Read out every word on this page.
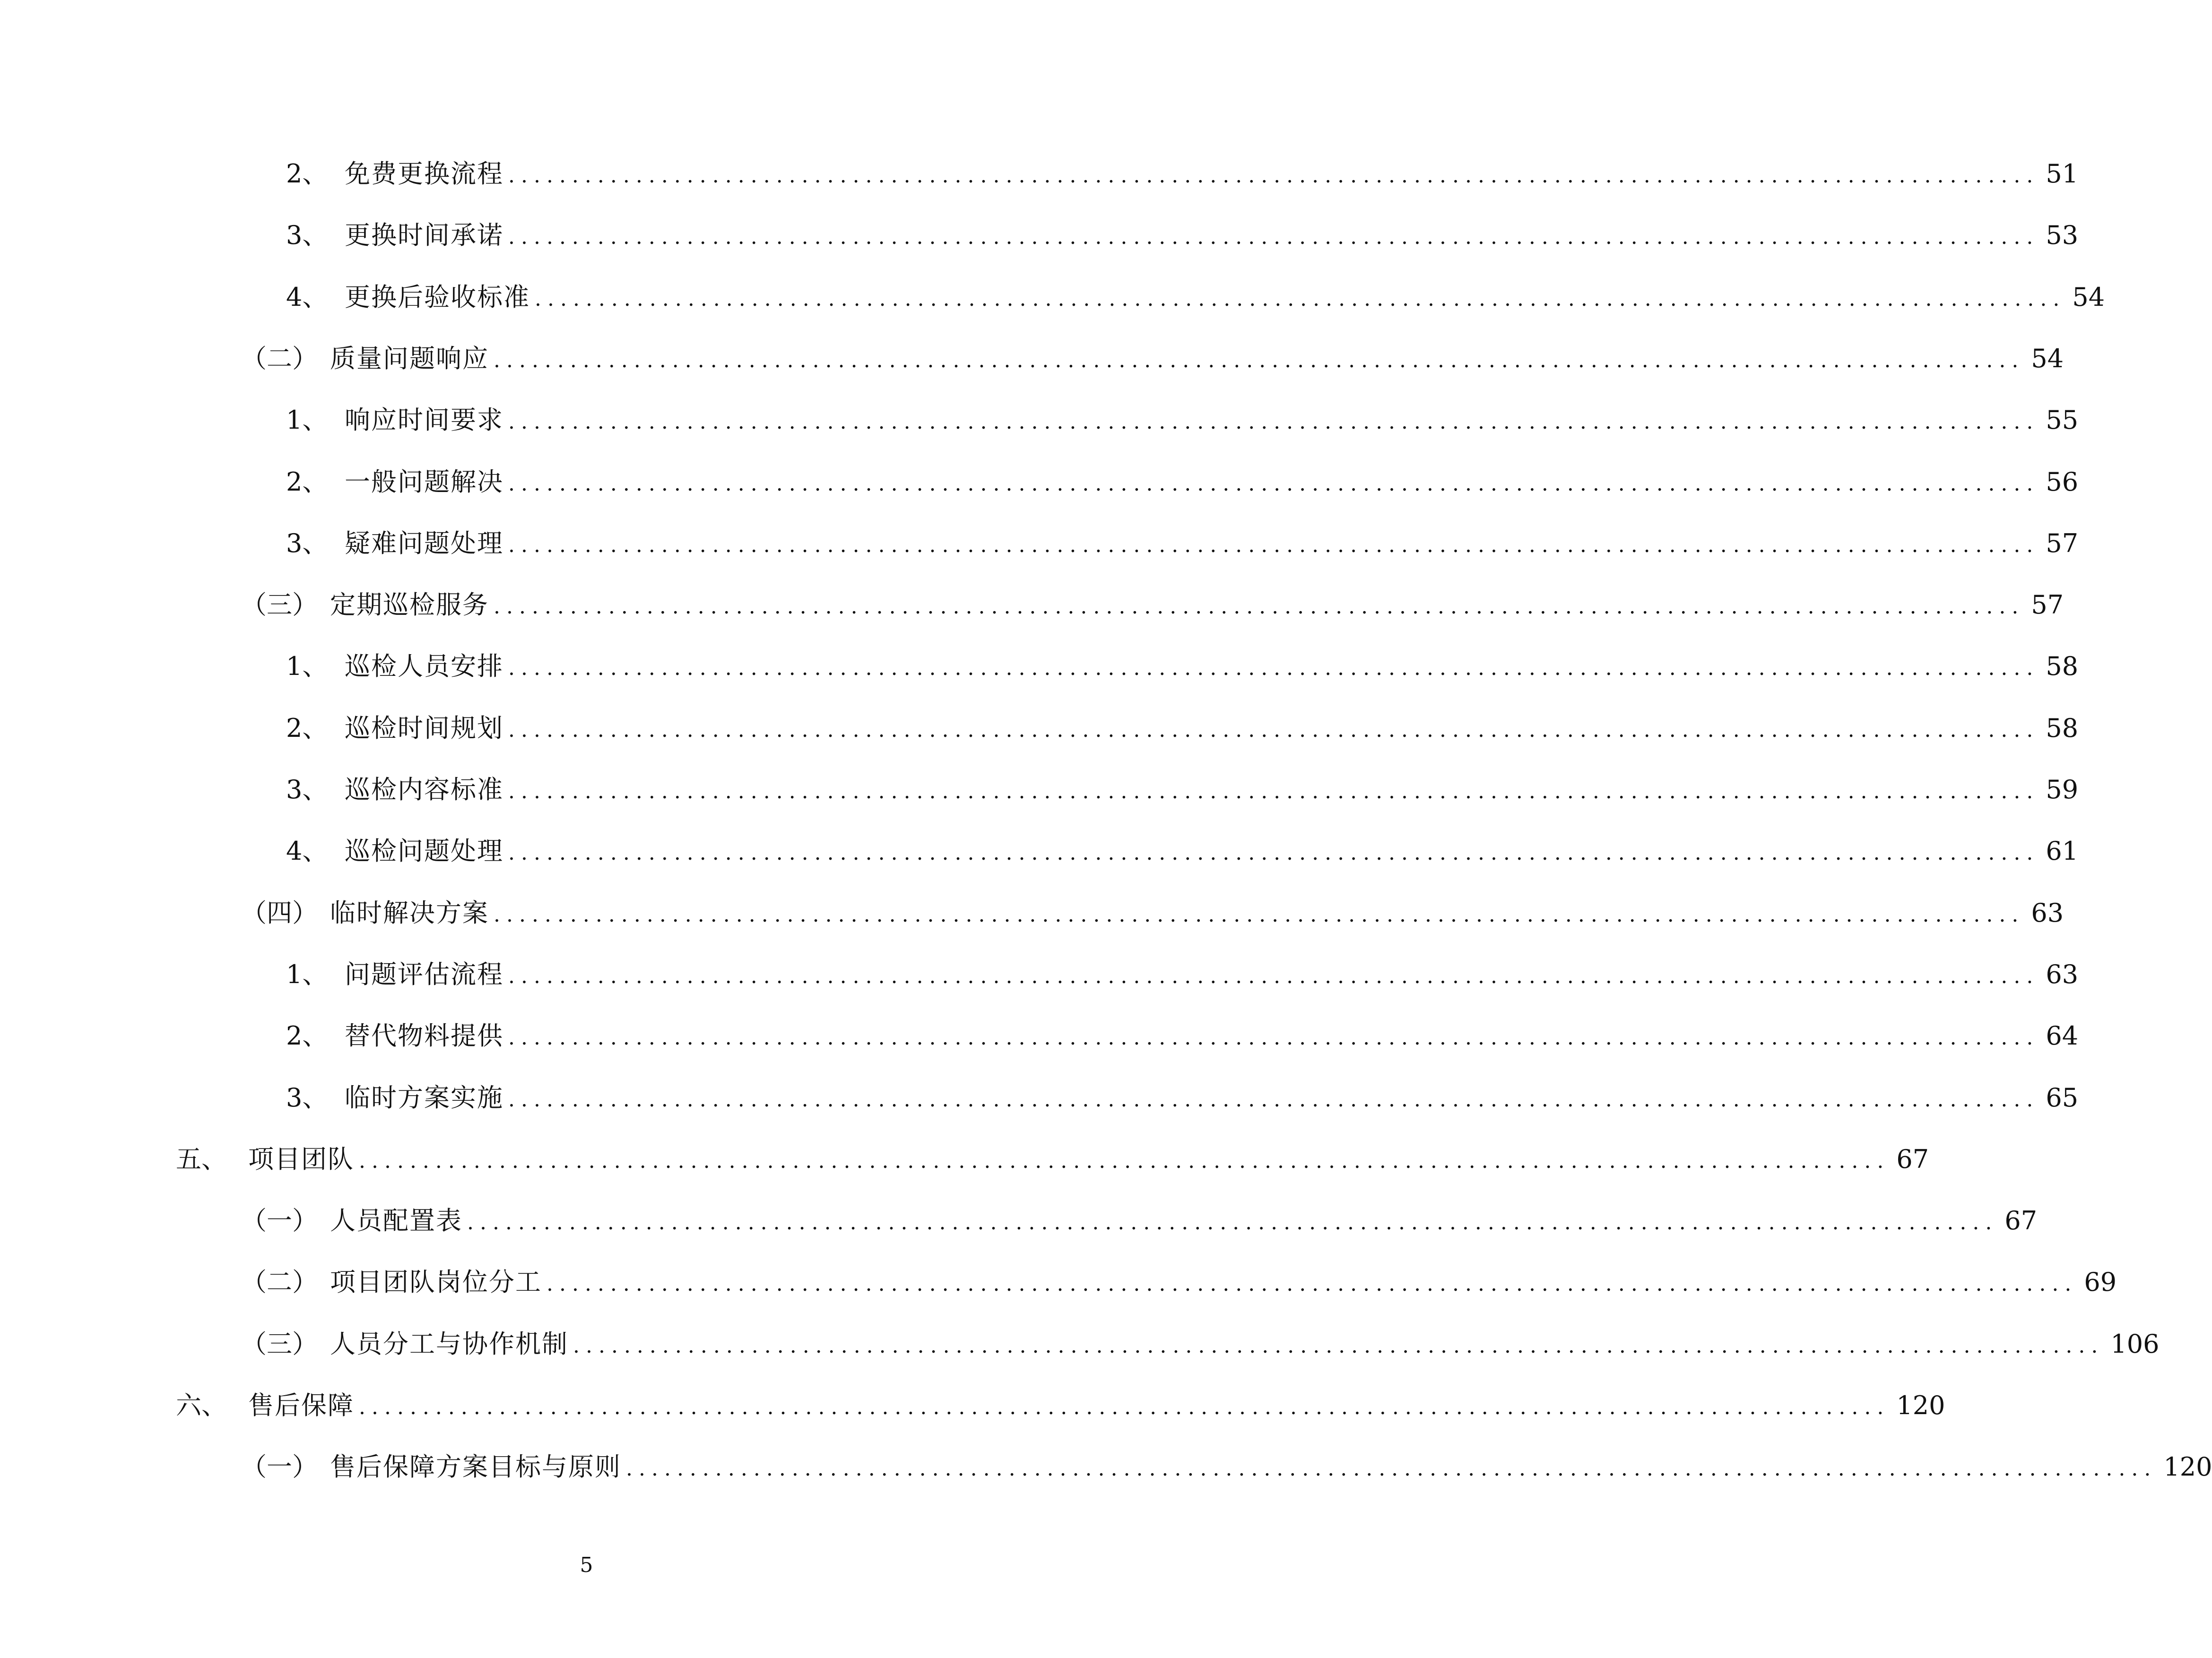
2、 免费更换流程 ........................................................................................................................ 51
3、 更换时间承诺 ........................................................................................................................ 53
4、 更换后验收标准 ........................................................................................................................ 54
（二） 质量问题响应 ........................................................................................................................ 54
1、 响应时间要求 ........................................................................................................................ 55
2、 一般问题解决 ........................................................................................................................ 56
3、 疑难问题处理 ........................................................................................................................ 57
（三） 定期巡检服务 ........................................................................................................................ 57
1、 巡检人员安排 ........................................................................................................................ 58
2、 巡检时间规划 ........................................................................................................................ 58
3、 巡检内容标准 ........................................................................................................................ 59
4、 巡检问题处理 ........................................................................................................................ 61
（四） 临时解决方案 ........................................................................................................................ 63
1、 问题评估流程 ........................................................................................................................ 63
2、 替代物料提供 ........................................................................................................................ 64
3、 临时方案实施 ........................................................................................................................ 65
五、 项目团队 ........................................................................................................................ 67
（一） 人员配置表 ........................................................................................................................ 67
（二） 项目团队岗位分工 ........................................................................................................................ 69
（三） 人员分工与协作机制 ........................................................................................................................ 106
六、 售后保障 ........................................................................................................................ 120
（一） 售后保障方案目标与原则 ........................................................................................................................ 120
5
